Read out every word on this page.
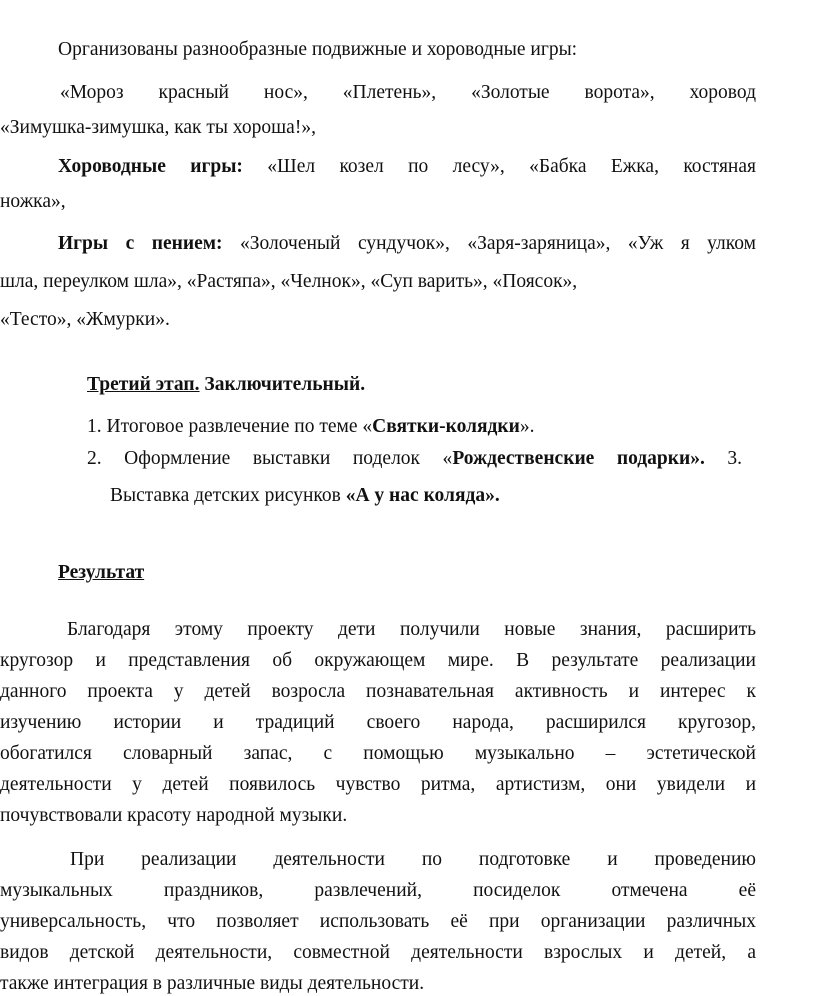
Организованы разнообразные подвижные и хороводные игры:
«Мороз красный нос», «Плетень», «Золотые ворота», хоровод
«Зимушка-зимушка, как ты хороша!»,
Хороводные игры: «Шел козел по лесу», «Бабка Ежка, костяная
ножка»,
Игры с пением: «Золоченый сундучок», «Заря-заряница», «Уж я улком
шла, переулком шла», «Растяпа», «Челнок», «Суп варить», «Поясок»,
«Тесто», «Жмурки».
Третий этап. Заключительный.
1. Итоговое развлечение по теме «Святки-колядки».
2. Оформление выставки поделок «Рождественские подарки». 3.
Выставка детских рисунков «А у нас коляда».
Результат
Благодаря этому проекту дети получили новые знания, расширить
кругозор и представления об окружающем мире. В результате реализации
данного проекта у детей возросла познавательная активность и интерес к
изучению истории и традиций своего народа, расширился кругозор,
обогатился словарный запас, с помощью музыкально – эстетической
деятельности у детей появилось чувство ритма, артистизм, они увидели и
почувствовали красоту народной музыки.
При реализации деятельности по подготовке и проведению
музыкальных праздников, развлечений, посиделок отмечена её
универсальность, что позволяет использовать её при организации различных
видов детской деятельности, совместной деятельности взрослых и детей, а
также интеграция в различные виды деятельности.
